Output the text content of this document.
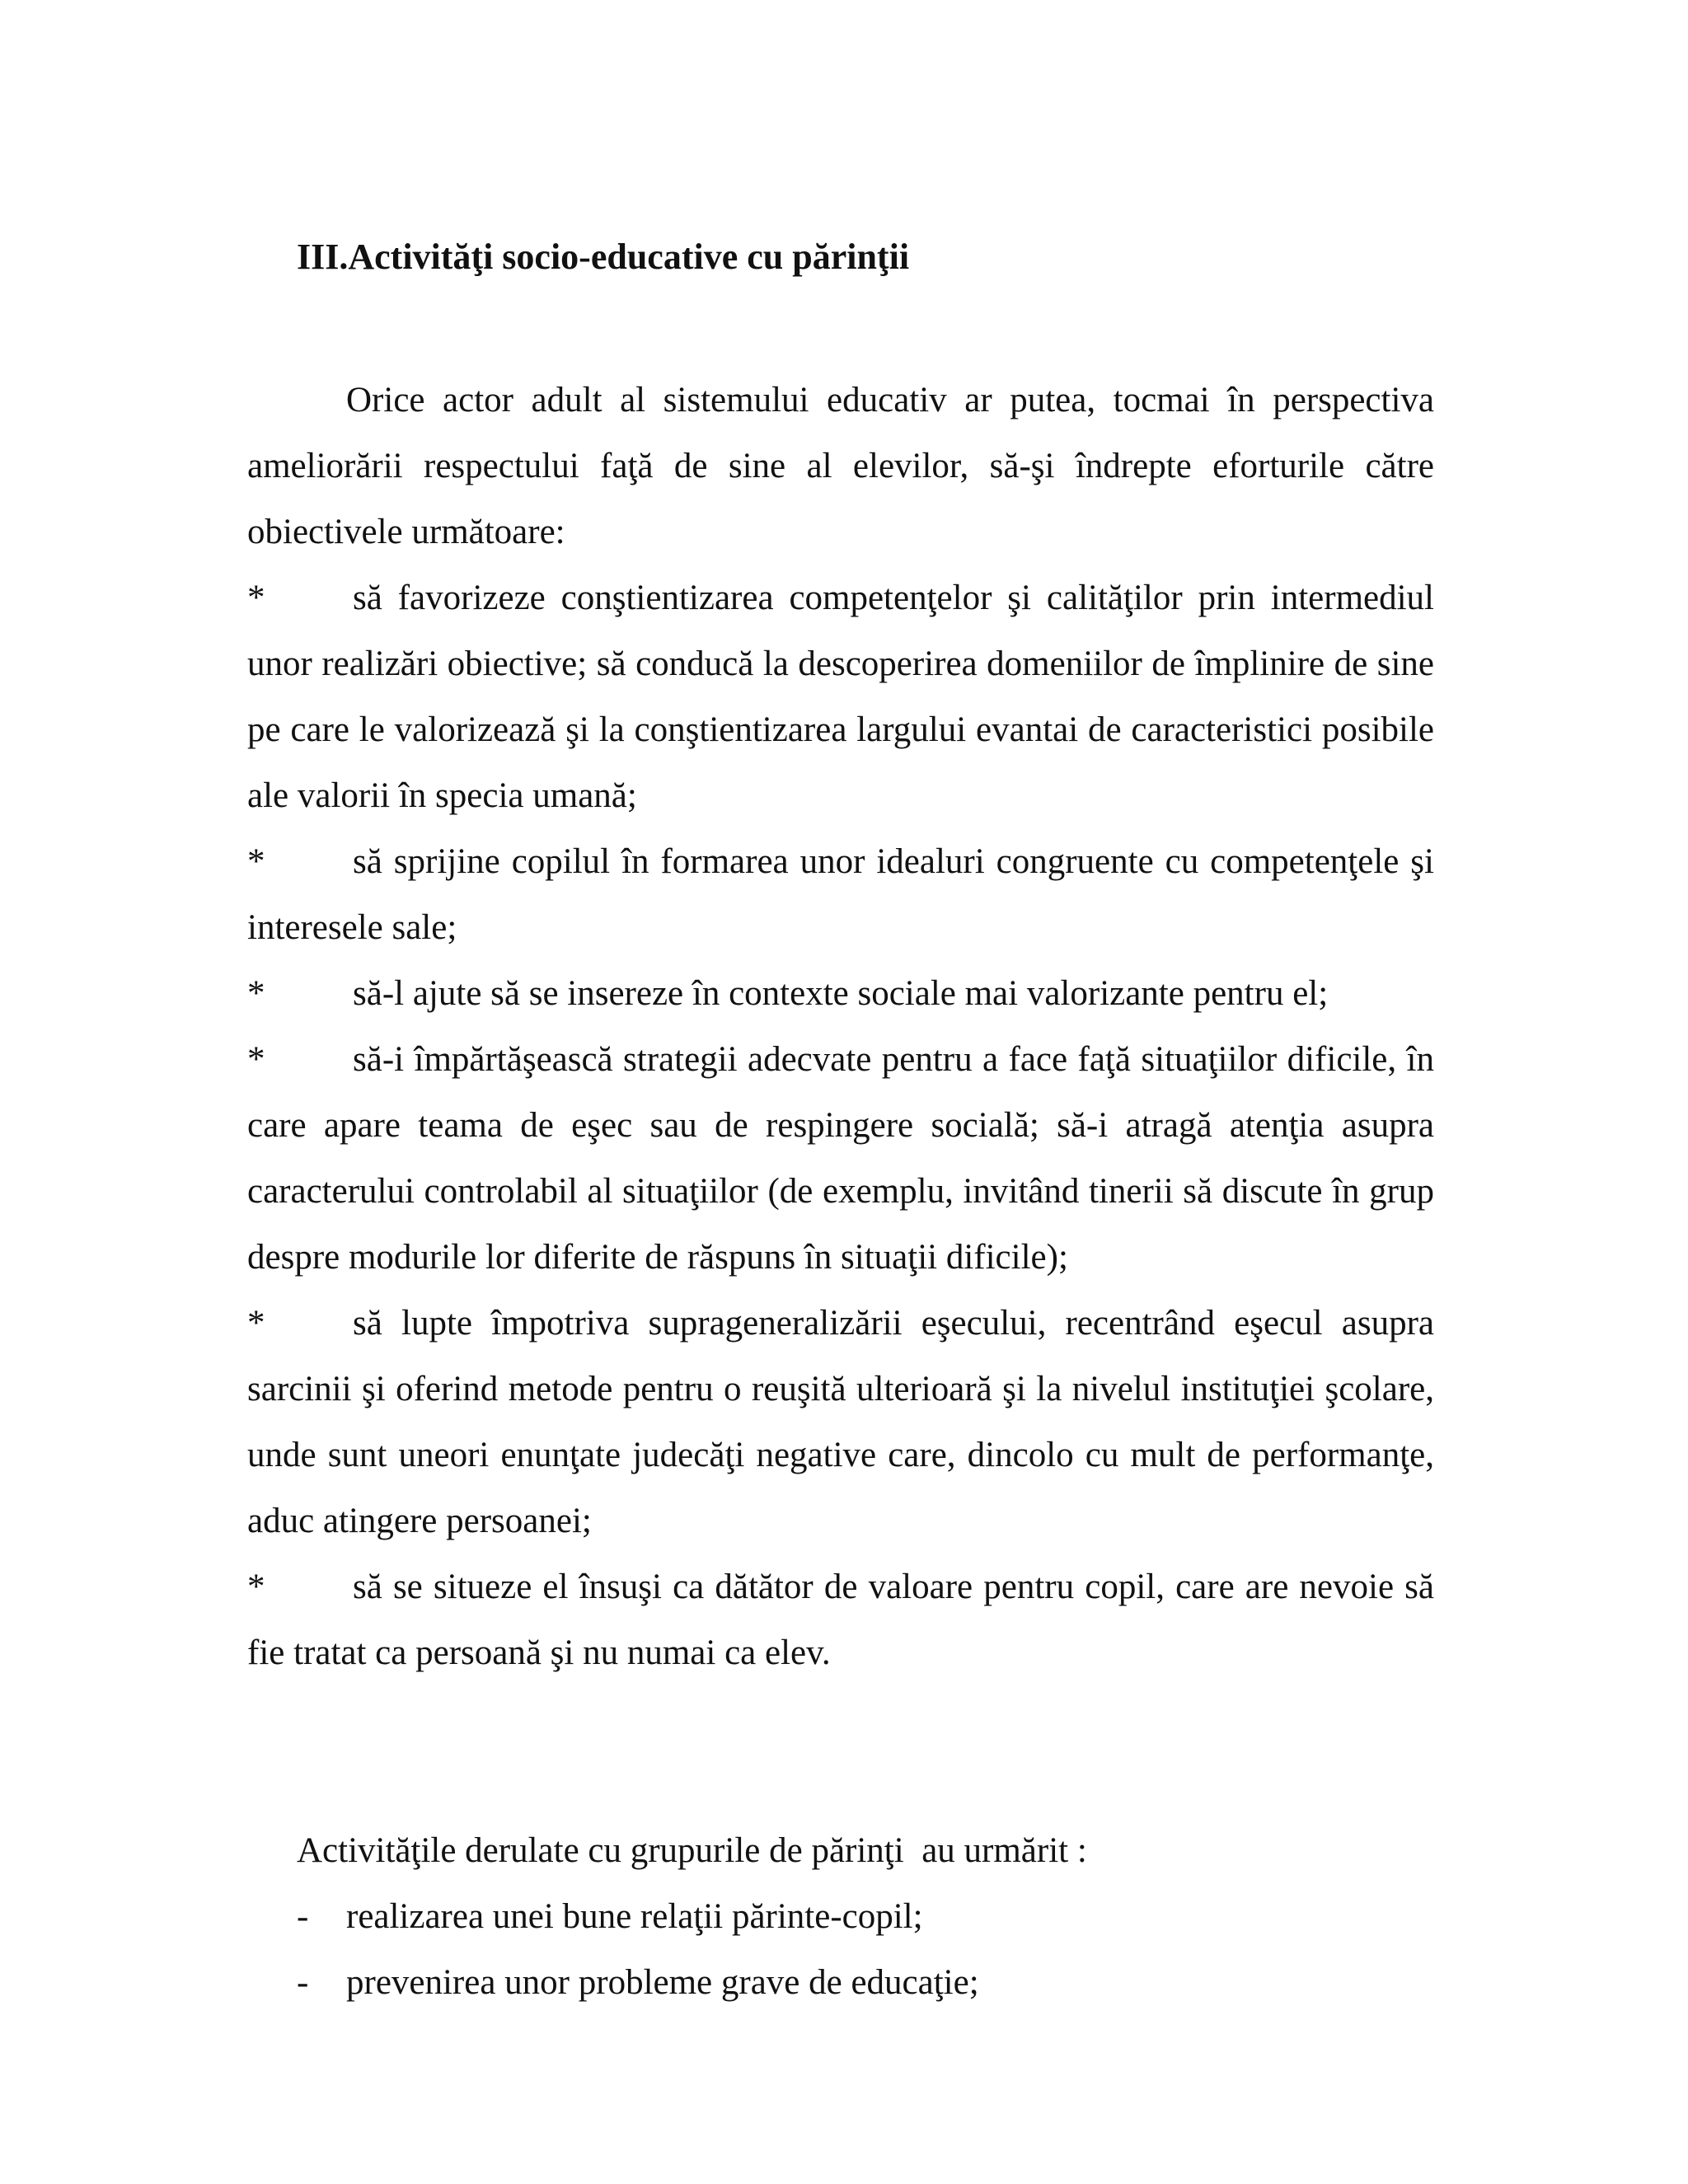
III.Activităţi socio-educative cu părinţii

Orice actor adult al sistemului educativ ar putea, tocmai în perspectiva ameliorării respectului faţă de sine al elevilor, să-şi îndrepte eforturile către obiectivele următoare:

* să favorizeze conştientizarea competenţelor şi calităţilor prin intermediul unor realizări obiective; să conducă la descoperirea domeniilor de împlinire de sine pe care le valorizează şi la conştientizarea largului evantai de caracteristici posibile ale valorii în specia umană;

* să sprijine copilul în formarea unor idealuri congruente cu competenţele şi interesele sale;

* să-l ajute să se insereze în contexte sociale mai valorizante pentru el;

* să-i împărtăşească strategii adecvate pentru a face faţă situaţiilor dificile, în care apare teama de eşec sau de respingere socială; să-i atragă atenţia asupra caracterului controlabil al situaţiilor (de exemplu, invitând tinerii să discute în grup despre modurile lor diferite de răspuns în situaţii dificile);

* să lupte împotriva suprageneralizării eşecului, recentrând eşecul asupra sarcinii şi oferind metode pentru o reuşită ulterioară şi la nivelul instituţiei şcolare, unde sunt uneori enunţate judecăţi negative care, dincolo cu mult de performanţe, aduc atingere persoanei;

* să se situeze el însuşi ca dătător de valoare pentru copil, care are nevoie să fie tratat ca persoană şi nu numai ca elev.

Activităţile derulate cu grupurile de părinţi  au urmărit :

- realizarea unei bune relaţii părinte-copil;

- prevenirea unor probleme grave de educaţie;
